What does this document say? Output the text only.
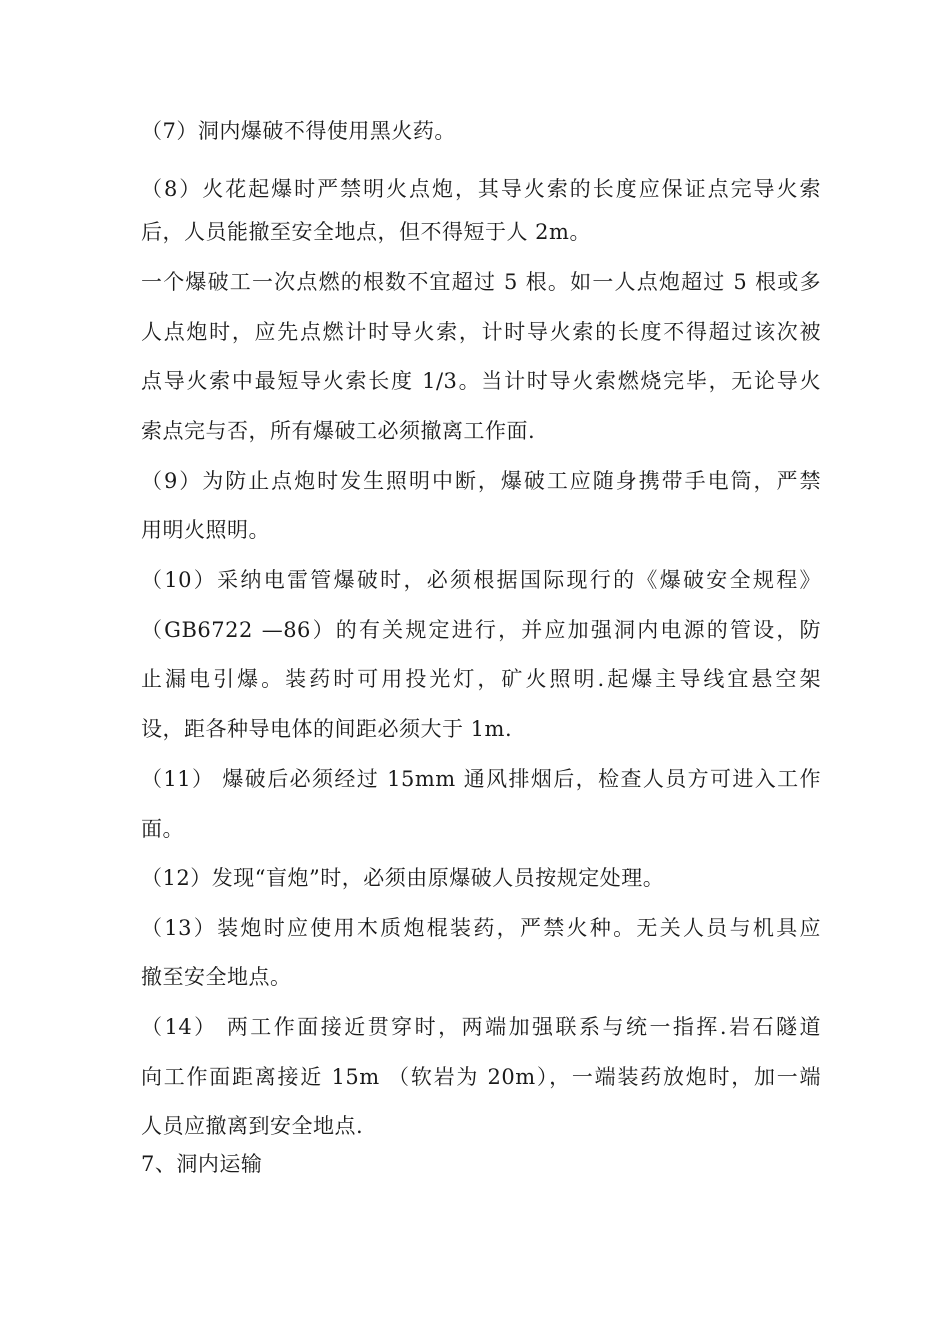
（7）洞内爆破不得使用黑火药。
（8）火花起爆时严禁明火点炮，其导火索的长度应保证点完导火索
后，人员能撤至安全地点，但不得短于人 2m。
一个爆破工一次点燃的根数不宜超过 5 根。如一人点炮超过 5 根或多
人点炮时，应先点燃计时导火索，计时导火索的长度不得超过该次被
点导火索中最短导火索长度 1/3。当计时导火索燃烧完毕，无论导火
索点完与否，所有爆破工必须撤离工作面.
（9）为防止点炮时发生照明中断，爆破工应随身携带手电筒，严禁
用明火照明。
（10）采纳电雷管爆破时，必须根据国际现行的《爆破安全规程》
（GB6722 —86）的有关规定进行，并应加强洞内电源的管设，防
止漏电引爆。装药时可用投光灯，矿火照明.起爆主导线宜悬空架
设，距各种导电体的间距必须大于 1m.
（11） 爆破后必须经过 15mm 通风排烟后，检查人员方可进入工作
面。
（12）发现“盲炮”时，必须由原爆破人员按规定处理。
（13）装炮时应使用木质炮棍装药，严禁火种。无关人员与机具应
撤至安全地点。
（14） 两工作面接近贯穿时，两端加强联系与统一指挥.岩石隧道
向工作面距离接近 15m （软岩为 20m），一端装药放炮时，加一端
人员应撤离到安全地点.
7、洞内运输
